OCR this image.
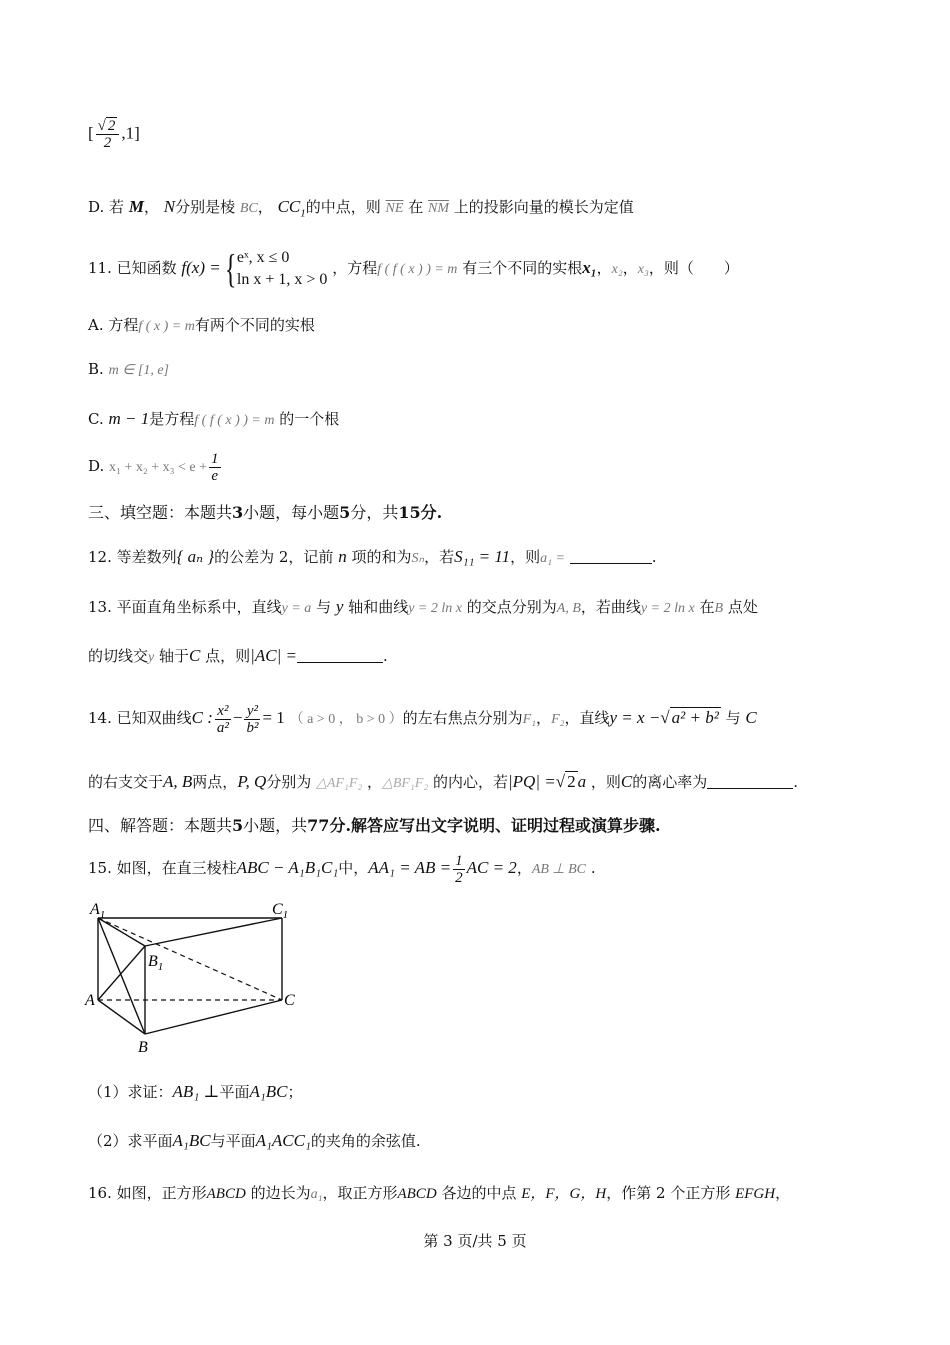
[ $\frac{√ 2}{2} ,1$]
D. 若 M， N分别是棱 BC， $CC_1$的中点，则 $\overline{NE}$ 在 $\overline{NM}$ 上的投影向量的模长为定值
11. 已知函数 f(x) ={ eˣ, x ≤ 0
ln x + 1, x > 0
，方程f ( f ( x ) ) = m 有三个不同的实根x₁，x₂，x₃，则（　　）
A. 方程f ( x ) = m有两个不同的实根
B. m ∈ [1, e]
C. m − 1是方程f ( f ( x ) ) = m 的一个根
D. $x_1 + x_2 + x_3 < e + \frac{1}{e}$
三、填空题：本题共3小题，每小题5分，共15分.
12. 等差数列{ aₙ }的公差为 2，记前 n 项的和为Sₙ，若S₁₁ = 11，则a₁ =	.
13. 平面直角坐标系中，直线y = a 与 y 轴和曲线y = 2 ln x 的交点分别为A, B，若曲线y = 2 ln x 在B 点处
的切线交y 轴于C 点，则|AC| =	.
14. 已知双曲线C : $\frac{\text{x²}}{\text{a²}} - \frac{\text{y²}}{\text{b²}} = 1$ （ a > 0 ， b > 0 ）的左右焦点分别为F₁，F₂，直线y = x −√ a² + b² 与 C
的右支交于A, B两点，P, Q分别为 △AF₁F₂ ，△BF₁F₂ 的内心，若|PQ| =√ 2 a ，则C的离心率为	.
四、解答题：本题共5小题，共77分.解答应写出文字说明、证明过程或演算步骤.
15. 如图，在直三棱柱ABC − A₁B₁C₁中，AA₁ = AB = $\frac{1}{2}$ AC = 2，AB ⊥ BC .
$A_1$	$C_1$
$B_1$
A	C
B
（1）求证：AB₁ ⊥平面A₁BC；
（2）求平面A₁BC与平面A₁ACC₁的夹角的余弦值.
16. 如图，正方形ABCD 的边长为a₁，取正方形ABCD 各边的中点 E，F，G，H，作第 2 个正方形 EFGH，
第 3 页/共 5 页
